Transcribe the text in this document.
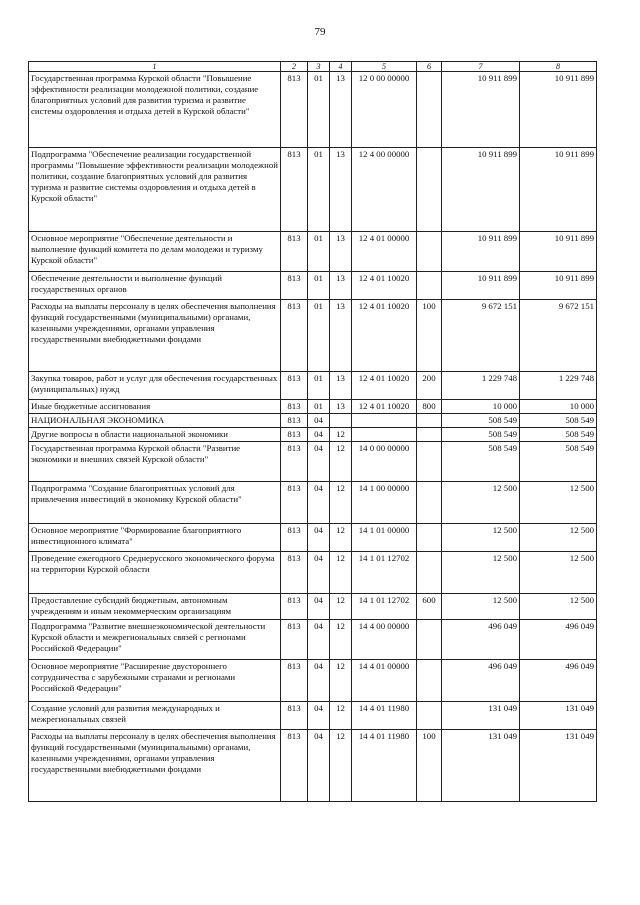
79
1	2	3	4	5	6	7	8
Государственная программа Курской области "Повышение эффективности реализации молодежной политики, создание благоприятных условий для развития туризма и развитие системы оздоровления и отдыха детей в Курской области"	813	01	13	12 0 00 00000		10 911 899	10 911 899
Подпрограмма "Обеспечение реализации государственной программы "Повышение эффективности реализации молодежной политики, создание благоприятных условий для развития туризма и развитие системы оздоровления и отдыха детей в Курской области"	813	01	13	12 4 00 00000		10 911 899	10 911 899
Основное мероприятие "Обеспечение деятельности и выполнение функций комитета по делам молодежи и туризму Курской области"	813	01	13	12 4 01 00000		10 911 899	10 911 899
Обеспечение деятельности и выполнение функций государственных органов	813	01	13	12 4 01 10020		10 911 899	10 911 899
Расходы на выплаты персоналу в целях обеспечения выполнения функций государственными (муниципальными) органами, казенными учреждениями, органами управления государственными внебюджетными фондами	813	01	13	12 4 01 10020	100	9 672 151	9 672 151
Закупка товаров, работ и услуг для обеспечения государственных (муниципальных) нужд	813	01	13	12 4 01 10020	200	1 229 748	1 229 748
Иные бюджетные ассигнования	813	01	13	12 4 01 10020	800	10 000	10 000
НАЦИОНАЛЬНАЯ ЭКОНОМИКА	813	04				508 549	508 549
Другие вопросы в области национальной экономики	813	04	12			508 549	508 549
Государственная программа Курской области "Развитие экономики и внешних связей Курской области"	813	04	12	14 0 00 00000		508 549	508 549
Подпрограмма "Создание благоприятных условий для привлечения инвестиций в экономику Курской области"	813	04	12	14 1 00 00000		12 500	12 500
Основное мероприятие "Формирование благоприятного инвестиционного климата"	813	04	12	14 1 01 00000		12 500	12 500
Проведение ежегодного Среднерусского экономического форума на территории Курской области	813	04	12	14 1 01 12702		12 500	12 500
Предоставление субсидий бюджетным, автономным учреждениям и иным некоммерческим организациям	813	04	12	14 1 01 12702	600	12 500	12 500
Подпрограмма "Развитие внешнеэкономической деятельности Курской области и межрегиональных связей с регионами Российской Федерации"	813	04	12	14 4 00 00000		496 049	496 049
Основное мероприятие "Расширение двустороннего сотрудничества с зарубежными странами и регионами Российской Федерации"	813	04	12	14 4 01 00000		496 049	496 049
Создание условий для развития международных и межрегиональных связей	813	04	12	14 4 01 11980		131 049	131 049
Расходы на выплаты персоналу в целях обеспечения выполнения функций государственными (муниципальными) органами, казенными учреждениями, органами управления государственными внебюджетными фондами	813	04	12	14 4 01 11980	100	131 049	131 049
